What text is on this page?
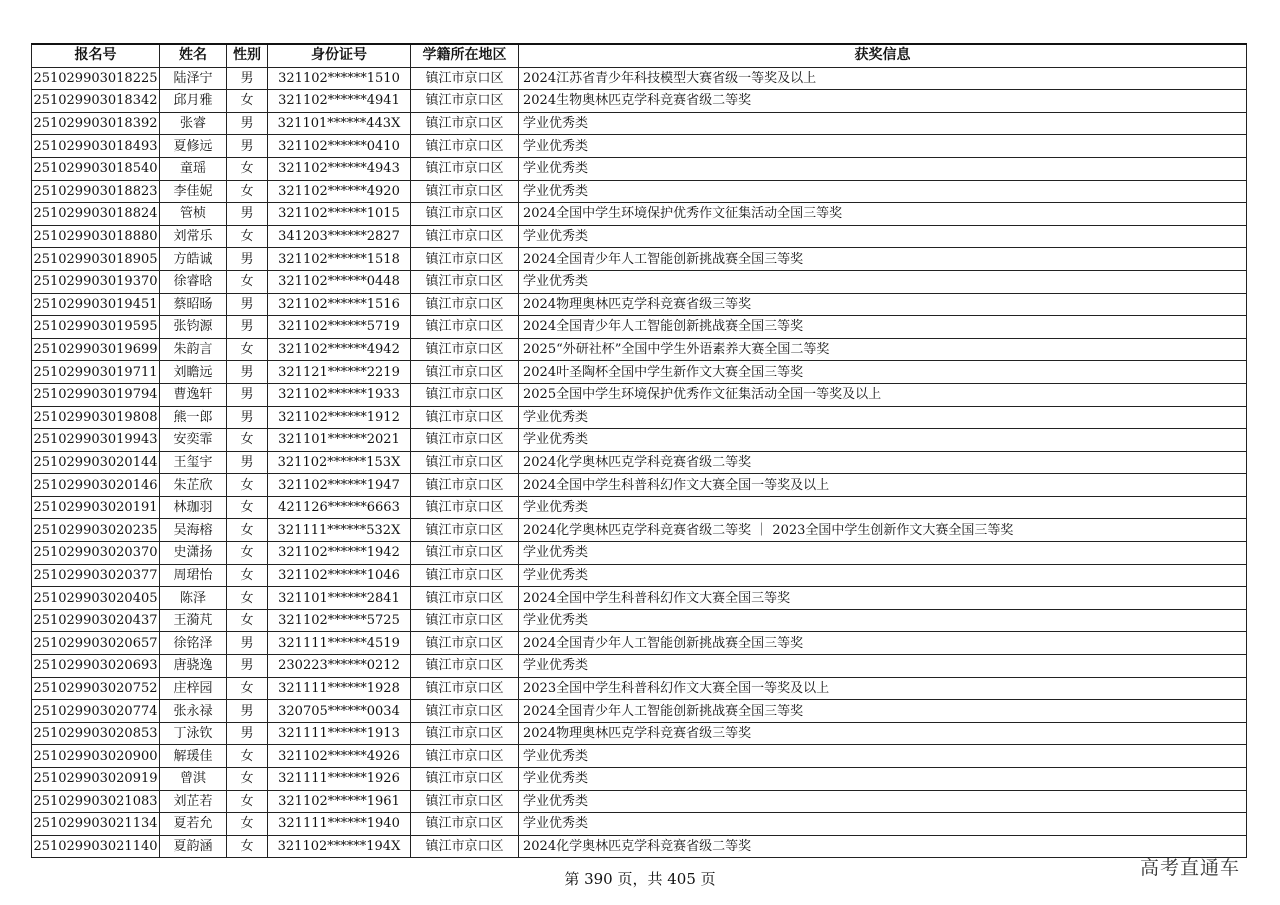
报名号	姓名	性别	身份证号	学籍所在地区	获奖信息
251029903018225	陆泽宁	男	321102******1510	镇江市京口区	2024江苏省青少年科技模型大赛省级一等奖及以上
251029903018342	邱月雅	女	321102******4941	镇江市京口区	2024生物奥林匹克学科竞赛省级二等奖
251029903018392	张睿	男	321101******443X	镇江市京口区	学业优秀类
251029903018493	夏修远	男	321102******0410	镇江市京口区	学业优秀类
251029903018540	童瑶	女	321102******4943	镇江市京口区	学业优秀类
251029903018823	李佳妮	女	321102******4920	镇江市京口区	学业优秀类
251029903018824	管桢	男	321102******1015	镇江市京口区	2024全国中学生环境保护优秀作文征集活动全国三等奖
251029903018880	刘常乐	女	341203******2827	镇江市京口区	学业优秀类
251029903018905	方皓诚	男	321102******1518	镇江市京口区	2024全国青少年人工智能创新挑战赛全国三等奖
251029903019370	徐睿晗	女	321102******0448	镇江市京口区	学业优秀类
251029903019451	蔡昭旸	男	321102******1516	镇江市京口区	2024物理奥林匹克学科竞赛省级三等奖
251029903019595	张钧源	男	321102******5719	镇江市京口区	2024全国青少年人工智能创新挑战赛全国三等奖
251029903019699	朱韵言	女	321102******4942	镇江市京口区	2025“外研社杯”全国中学生外语素养大赛全国二等奖
251029903019711	刘瞻远	男	321121******2219	镇江市京口区	2024叶圣陶杯全国中学生新作文大赛全国三等奖
251029903019794	曹逸轩	男	321102******1933	镇江市京口区	2025全国中学生环境保护优秀作文征集活动全国一等奖及以上
251029903019808	熊一郎	男	321102******1912	镇江市京口区	学业优秀类
251029903019943	安奕霏	女	321101******2021	镇江市京口区	学业优秀类
251029903020144	王玺宇	男	321102******153X	镇江市京口区	2024化学奥林匹克学科竞赛省级二等奖
251029903020146	朱芷欣	女	321102******1947	镇江市京口区	2024全国中学生科普科幻作文大赛全国一等奖及以上
251029903020191	林珈羽	女	421126******6663	镇江市京口区	学业优秀类
251029903020235	吴海榕	女	321111******532X	镇江市京口区	2024化学奥林匹克学科竞赛省级二等奖 ｜ 2023全国中学生创新作文大赛全国三等奖
251029903020370	史潇扬	女	321102******1942	镇江市京口区	学业优秀类
251029903020377	周珺怡	女	321102******1046	镇江市京口区	学业优秀类
251029903020405	陈泽	女	321101******2841	镇江市京口区	2024全国中学生科普科幻作文大赛全国三等奖
251029903020437	王漪芃	女	321102******5725	镇江市京口区	学业优秀类
251029903020657	徐铭泽	男	321111******4519	镇江市京口区	2024全国青少年人工智能创新挑战赛全国三等奖
251029903020693	唐骁逸	男	230223******0212	镇江市京口区	学业优秀类
251029903020752	庄梓园	女	321111******1928	镇江市京口区	2023全国中学生科普科幻作文大赛全国一等奖及以上
251029903020774	张永禄	男	320705******0034	镇江市京口区	2024全国青少年人工智能创新挑战赛全国三等奖
251029903020853	丁泳钦	男	321111******1913	镇江市京口区	2024物理奥林匹克学科竞赛省级三等奖
251029903020900	解瑗佳	女	321102******4926	镇江市京口区	学业优秀类
251029903020919	曾淇	女	321111******1926	镇江市京口区	学业优秀类
251029903021083	刘芷若	女	321102******1961	镇江市京口区	学业优秀类
251029903021134	夏若允	女	321111******1940	镇江市京口区	学业优秀类
251029903021140	夏韵涵	女	321102******194X	镇江市京口区	2024化学奥林匹克学科竞赛省级二等奖
第 390 页，共 405 页	高考直通车
